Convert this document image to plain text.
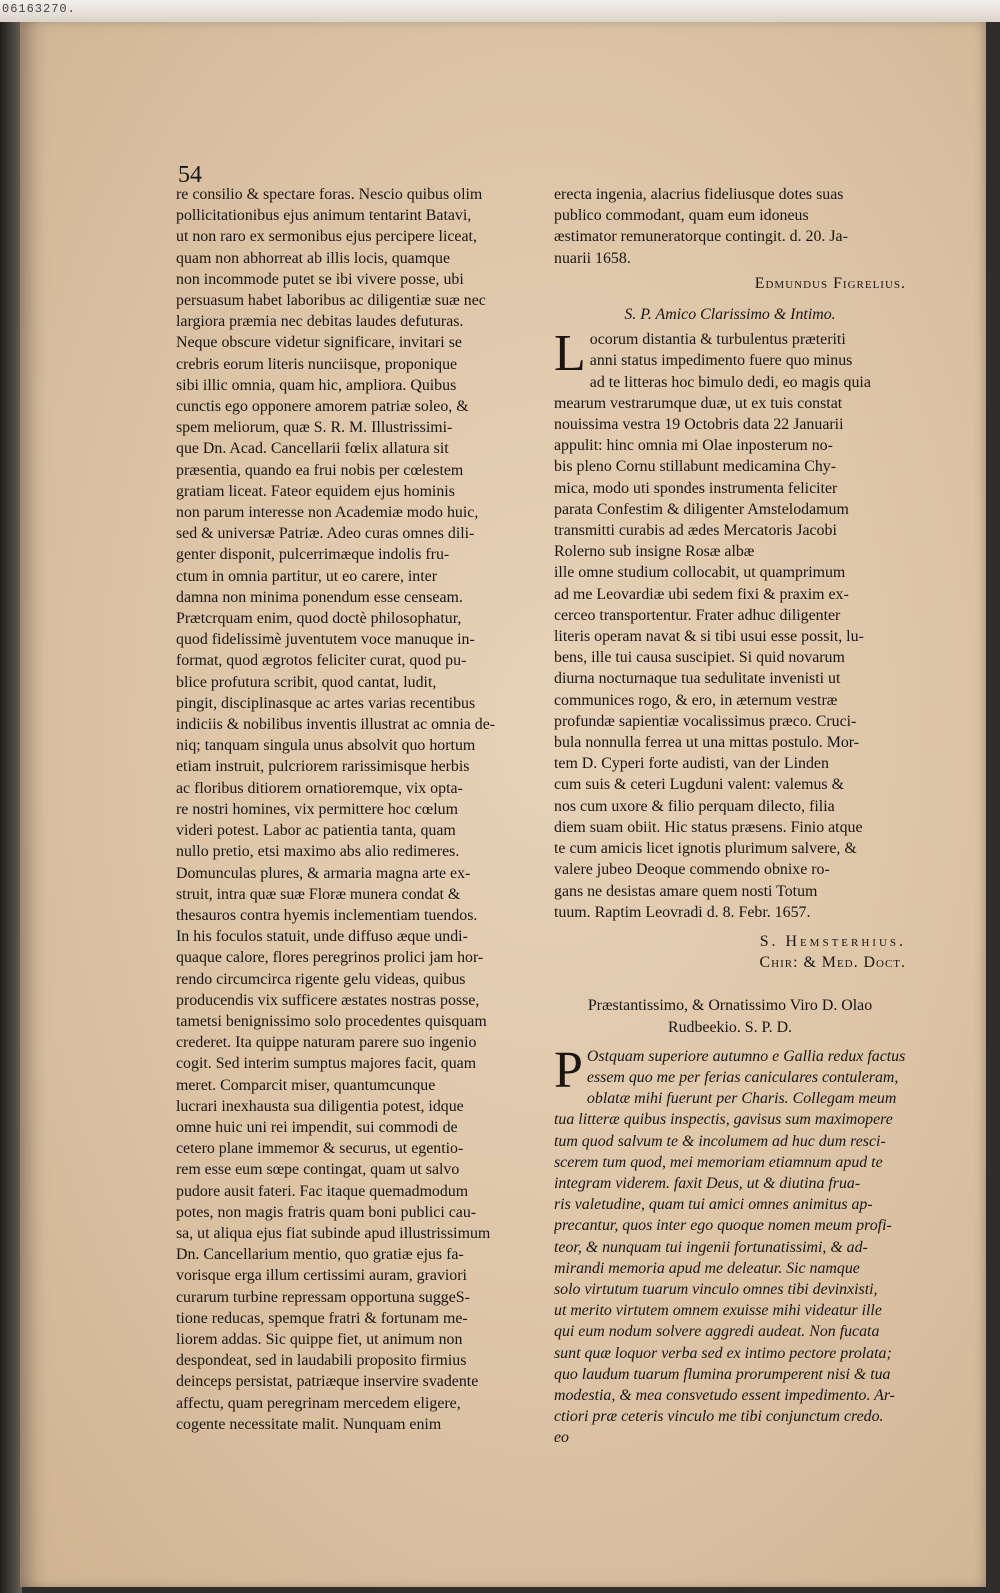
06163270.
54
re consilio & spectare foras. Nescio quibus olim
pollicitationibus ejus animum tentarint Batavi,
ut non raro ex sermonibus ejus percipere liceat,
quam non abhorreat ab illis locis, quamque
non incommode putet se ibi vivere posse, ubi
persuasum habet laboribus ac diligentiæ suæ nec
largiora præmia nec debitas laudes defuturas.
Neque obscure videtur significare, invitari se
crebris eorum literis nunciisque, proponique
sibi illic omnia, quam hic, ampliora. Quibus
cunctis ego opponere amorem patriæ soleo, &
spem meliorum, quæ S. R. M. Illustrissimi-
que Dn. Acad. Cancellarii fœlix allatura sit
præsentia, quando ea frui nobis per cœlestem
gratiam liceat. Fateor equidem ejus hominis
non parum interesse non Academiæ modo huic,
sed & universæ Patriæ. Adeo curas omnes dili-
genter disponit, pulcerrimæque indolis fru-
ctum in omnia partitur, ut eo carere, inter
damna non minima ponendum esse censeam.
Prætcrquam enim, quod doctè philosophatur,
quod fidelissimè juventutem voce manuque in-
format, quod ægrotos feliciter curat, quod pu-
blice profutura scribit, quod cantat, ludit,
pingit, disciplinasque ac artes varias recentibus
indiciis & nobilibus inventis illustrat ac omnia de-
niq; tanquam singula unus absolvit quo hortum
etiam instruit, pulcriorem rarissimisque herbis
ac floribus ditiorem ornatioremque, vix opta-
re nostri homines, vix permittere hoc cœlum
videri potest. Labor ac patientia tanta, quam
nullo pretio, etsi maximo abs alio redimeres.
Domunculas plures, & armaria magna arte ex-
struit, intra quæ suæ Floræ munera condat &
thesauros contra hyemis inclementiam tuendos.
In his foculos statuit, unde diffuso æque undi-
quaque calore, flores peregrinos prolici jam hor-
rendo circumcirca rigente gelu videas, quibus
producendis vix sufficere æstates nostras posse,
tametsi benignissimo solo procedentes quisquam
crederet. Ita quippe naturam parere suo ingenio
cogit. Sed interim sumptus majores facit, quam
meret. Comparcit miser, quantumcunque
lucrari inexhausta sua diligentia potest, idque
omne huic uni rei impendit, sui commodi de
cetero plane immemor & securus, ut egentio-
rem esse eum sœpe contingat, quam ut salvo
pudore ausit fateri. Fac itaque quemadmodum
potes, non magis fratris quam boni publici cau-
sa, ut aliqua ejus fiat subinde apud illustrissimum
Dn. Cancellarium mentio, quo gratiæ ejus fa-
vorisque erga illum certissimi auram, graviori
curarum turbine repressam opportuna suggeS-
tione reducas, spemque fratri & fortunam me-
liorem addas. Sic quippe fiet, ut animum non
despondeat, sed in laudabili proposito firmius
deinceps persistat, patriæque inservire svadente
affectu, quam peregrinam mercedem eligere,
cogente necessitate malit. Nunquam enim
erecta ingenia, alacrius fideliusque dotes suas
publico commodant, quam eum idoneus
æstimator remuneratorque contingit. d. 20. Ja-
nuarii 1658.
Edmundus Figrelius.
S. P. Amico Clarissimo & Intimo.
L ocorum distantia & turbulentus præteriti
anni status impedimento fuere quo minus
ad te litteras hoc bimulo dedi, eo magis quia
mearum vestrarumque duæ, ut ex tuis constat
nouissima vestra 19 Octobris data 22 Januarii
appulit: hinc omnia mi Olae inposterum no-
bis pleno Cornu stillabunt medicamina Chy-
mica, modo uti spondes instrumenta feliciter
parata Confestim & diligenter Amstelodamum
transmitti curabis ad ædes Mercatoris Jacobi
Rolerno sub insigne Rosæ albæ
ille omne studium collocabit, ut quamprimum
ad me Leovardiæ ubi sedem fixi & praxim ex-
cerceo transportentur. Frater adhuc diligenter
literis operam navat & si tibi usui esse possit, lu-
bens, ille tui causa suscipiet. Si quid novarum
diurna nocturnaque tua sedulitate invenisti ut
communices rogo, & ero, in æternum vestræ
profundæ sapientiæ vocalissimus præco. Cruci-
bula nonnulla ferrea ut una mittas postulo. Mor-
tem D. Cyperi forte audisti, van der Linden
cum suis & ceteri Lugduni valent: valemus &
nos cum uxore & filio perquam dilecto, filia
diem suam obiit. Hic status præsens. Finio atque
te cum amicis licet ignotis plurimum salvere, &
valere jubeo Deoque commendo obnixe ro-
gans ne desistas amare quem nosti Totum
tuum. Raptim Leovradi d. 8. Febr. 1657.
S. Hemsterhius.
Chir: & Med. Doct.
Præstantissimo, & Ornatissimo Viro D. Olao
Rudbeekio. S. P. D.
P Ostquam superiore autumno e Gallia redux factus
essem quo me per ferias caniculares contuleram,
oblatæ mihi fuerunt per Charis. Collegam meum
tua litteræ quibus inspectis, gavisus sum maximopere
tum quod salvum te & incolumem ad huc dum resci-
scerem tum quod, mei memoriam etiamnum apud te
integram viderem. faxit Deus, ut & diutina frua-
ris valetudine, quam tui amici omnes animitus ap-
precantur, quos inter ego quoque nomen meum profi-
teor, & nunquam tui ingenii fortunatissimi, & ad-
mirandi memoria apud me deleatur. Sic namque
solo virtutum tuarum vinculo omnes tibi devinxisti,
ut merito virtutem omnem exuisse mihi videatur ille
qui eum nodum solvere aggredi audeat. Non fucata
sunt quæ loquor verba sed ex intimo pectore prolata;
quo laudum tuarum flumina prorumperent nisi & tua
modestia, & mea consvetudo essent impedimento. Ar-
ctiori præ ceteris vinculo me tibi conjunctum credo.
eo
